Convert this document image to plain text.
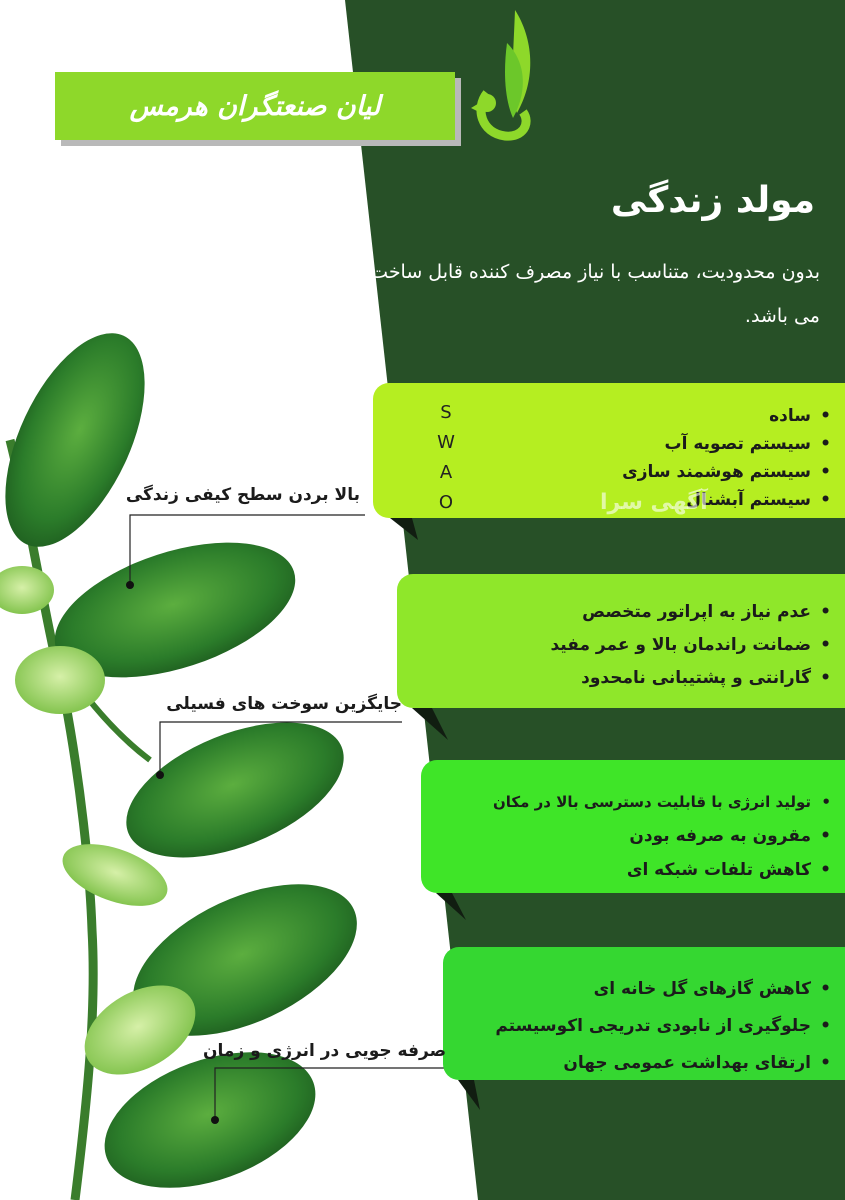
لیان صنعتگران هرمس
مولد زندگی

بدون محدودیت، متناسب با نیاز مصرف کننده قابل ساخت می باشد.

• ساده
• سیستم تصویه آب
• سیستم هوشمند سازی
• سیستم آبشنال
S
W
A
O	آگهی سرا
• عدم نیاز به اپراتور متخصص
• ضمانت راندمان بالا و عمر مفید
• گارانتی و پشتیبانی نامحدود
• تولید انرژی با قابلیت دسترسی بالا در مکان
• مقرون به صرفه بودن
• کاهش تلفات شبکه ای
• کاهش گازهای گل خانه ای
• جلوگیری از نابودی تدریجی اکوسیستم
• ارتقای بهداشت عمومی جهان
بالا بردن سطح کیفی زندگی
جایگزین سوخت های فسیلی
صرفه جویی در انرژی و زمان
